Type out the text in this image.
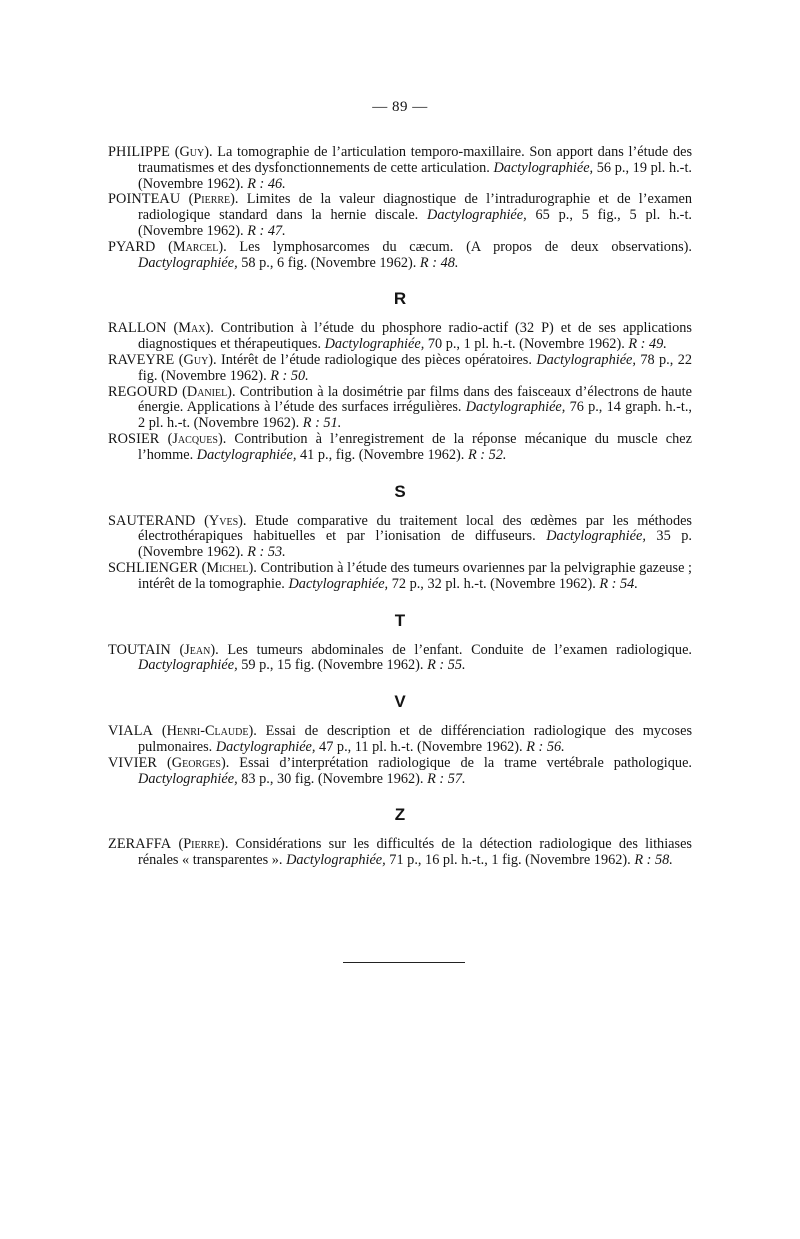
— 89 —

PHILIPPE (Guy). La tomographie de l’articulation temporo-maxillaire. Son apport dans l’étude des traumatismes et des dysfonctionnements de cette articulation. Dactylographiée, 56 p., 19 pl. h.-t. (Novembre 1962). R : 46.

POINTEAU (Pierre). Limites de la valeur diagnostique de l’intradurographie et de l’examen radiologique standard dans la hernie discale. Dactylographiée, 65 p., 5 fig., 5 pl. h.-t. (Novembre 1962). R : 47.

PYARD (Marcel). Les lymphosarcomes du cæcum. (A propos de deux observations). Dactylographiée, 58 p., 6 fig. (Novembre 1962). R : 48.

R

RALLON (Max). Contribution à l’étude du phosphore radio-actif (32 P) et de ses applications diagnostiques et thérapeutiques. Dactylographiée, 70 p., 1 pl. h.-t. (Novembre 1962). R : 49.

RAVEYRE (Guy). Intérêt de l’étude radiologique des pièces opératoires. Dactylographiée, 78 p., 22 fig. (Novembre 1962). R : 50.

REGOURD (Daniel). Contribution à la dosimétrie par films dans des faisceaux d’électrons de haute énergie. Applications à l’étude des surfaces irrégulières. Dactylographiée, 76 p., 14 graph. h.-t., 2 pl. h.-t. (Novembre 1962). R : 51.

ROSIER (Jacques). Contribution à l’enregistrement de la réponse mécanique du muscle chez l’homme. Dactylographiée, 41 p., fig. (Novembre 1962). R : 52.

S

SAUTERAND (Yves). Etude comparative du traitement local des œdèmes par les méthodes électrothérapiques habituelles et par l’ionisation de diffuseurs. Dactylographiée, 35 p. (Novembre 1962). R : 53.

SCHLIENGER (Michel). Contribution à l’étude des tumeurs ovariennes par la pelvigraphie gazeuse ; intérêt de la tomographie. Dactylographiée, 72 p., 32 pl. h.-t. (Novembre 1962). R : 54.

T

TOUTAIN (Jean). Les tumeurs abdominales de l’enfant. Conduite de l’examen radiologique. Dactylographiée, 59 p., 15 fig. (Novembre 1962). R : 55.

V

VIALA (Henri-Claude). Essai de description et de différenciation radiologique des mycoses pulmonaires. Dactylographiée, 47 p., 11 pl. h.-t. (Novembre 1962). R : 56.

VIVIER (Georges). Essai d’interprétation radiologique de la trame vertébrale pathologique. Dactylographiée, 83 p., 30 fig. (Novembre 1962). R : 57.

Z

ZERAFFA (Pierre). Considérations sur les difficultés de la détection radiologique des lithiases rénales « transparentes ». Dactylographiée, 71 p., 16 pl. h.-t., 1 fig. (Novembre 1962). R : 58.
